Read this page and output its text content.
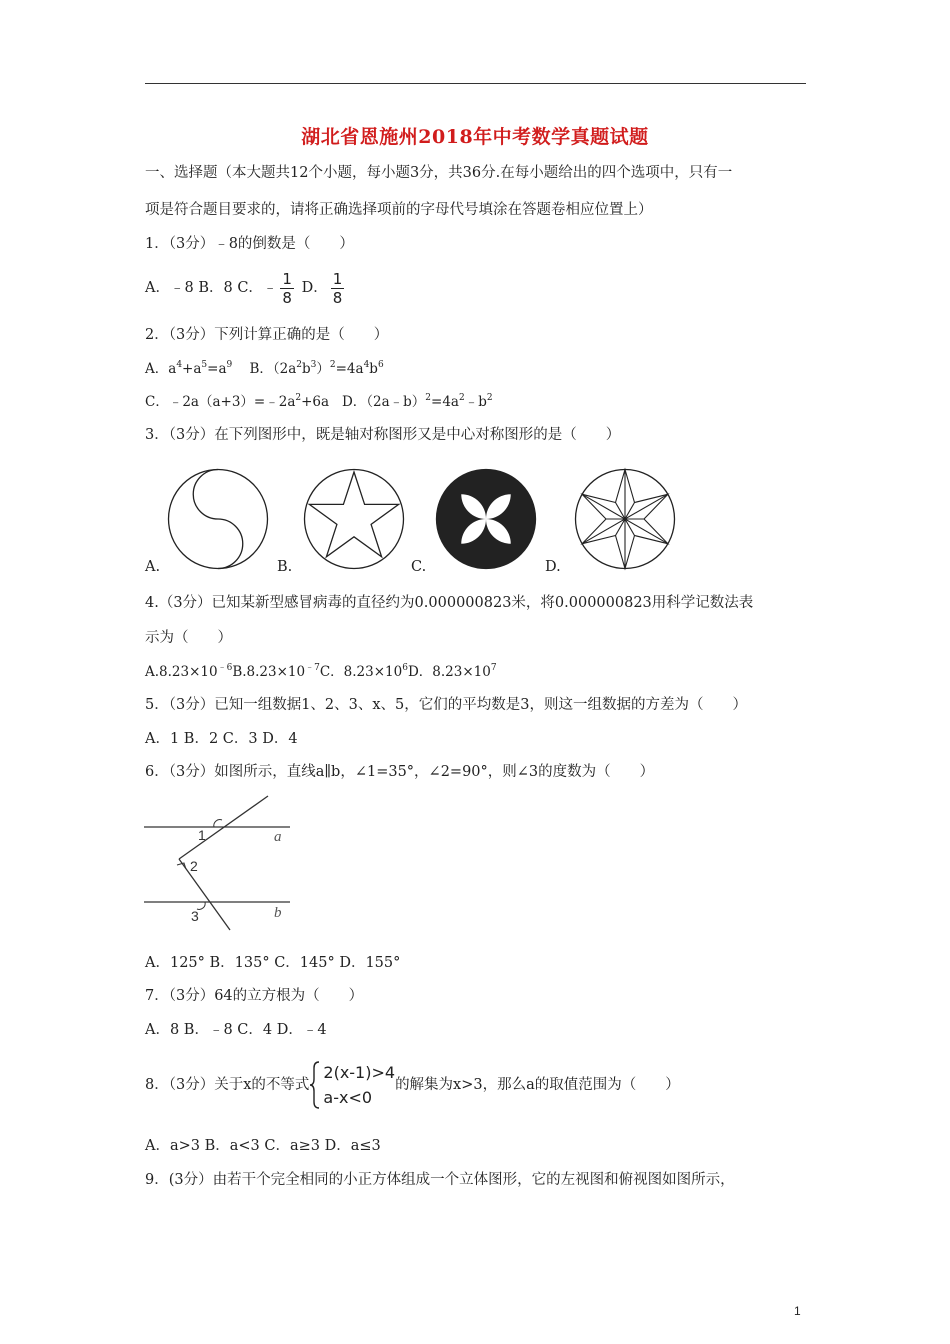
湖北省恩施州2018年中考数学真题试题
一、选择题（本大题共12个小题，每小题3分，共36分.在每小题给出的四个选项中，只有一
项是符合题目要求的，请将正确选择项前的字母代号填涂在答题卷相应位置上）
1．（3分）﹣8的倒数是（　　）
A．﹣8 B．8 C．﹣ $\frac{1}{8}$ D． $\frac{1}{8}$
2．（3分）下列计算正确的是（　　）
A．$a^4+a^5=a^9$ B．$(2a^2b^3)^2=4a^4b^6$
C．$﹣2a(a+3)=﹣2a^2+6a$ D．$(2a﹣b)^2=4a^2﹣b^2$
3．（3分）在下列图形中，既是轴对称图形又是中心对称图形的是（　　）
A.	B.	C.	D.
4.（3分）已知某新型感冒病毒的直径约为0.000000823米，将0.000000823用科学记数法表
示为（　　）
$A.8.23\times 10^{﹣6}B.8.23\times 10^{﹣7}C$．$8.23\times 10^6D$．$8.23\times 10^7$
5．（3分）已知一组数据1、2、3、x、5，它们的平均数是3，则这一组数据的方差为（　　）
A．1 B．2 C．3 D．4
6．（3分）如图所示，直线a∥b，∠1=35°，∠2=90°，则∠3的度数为（　　）
1
2
3
a
b
A．125° B．135° C．145° D．155°
7．（3分）64的立方根为（　　）
A．8 B．﹣8 C．4 D．﹣4
8．（3分）关于x的不等式
2(x-1)>4
a-x<0
的解集为x>3，那么a的取值范围为（　　）
A．a>3 B．a<3 C．a≥3 D．a≤3
9．(3分）由若干个完全相同的小正方体组成一个立体图形，它的左视图和俯视图如图所示，
1
